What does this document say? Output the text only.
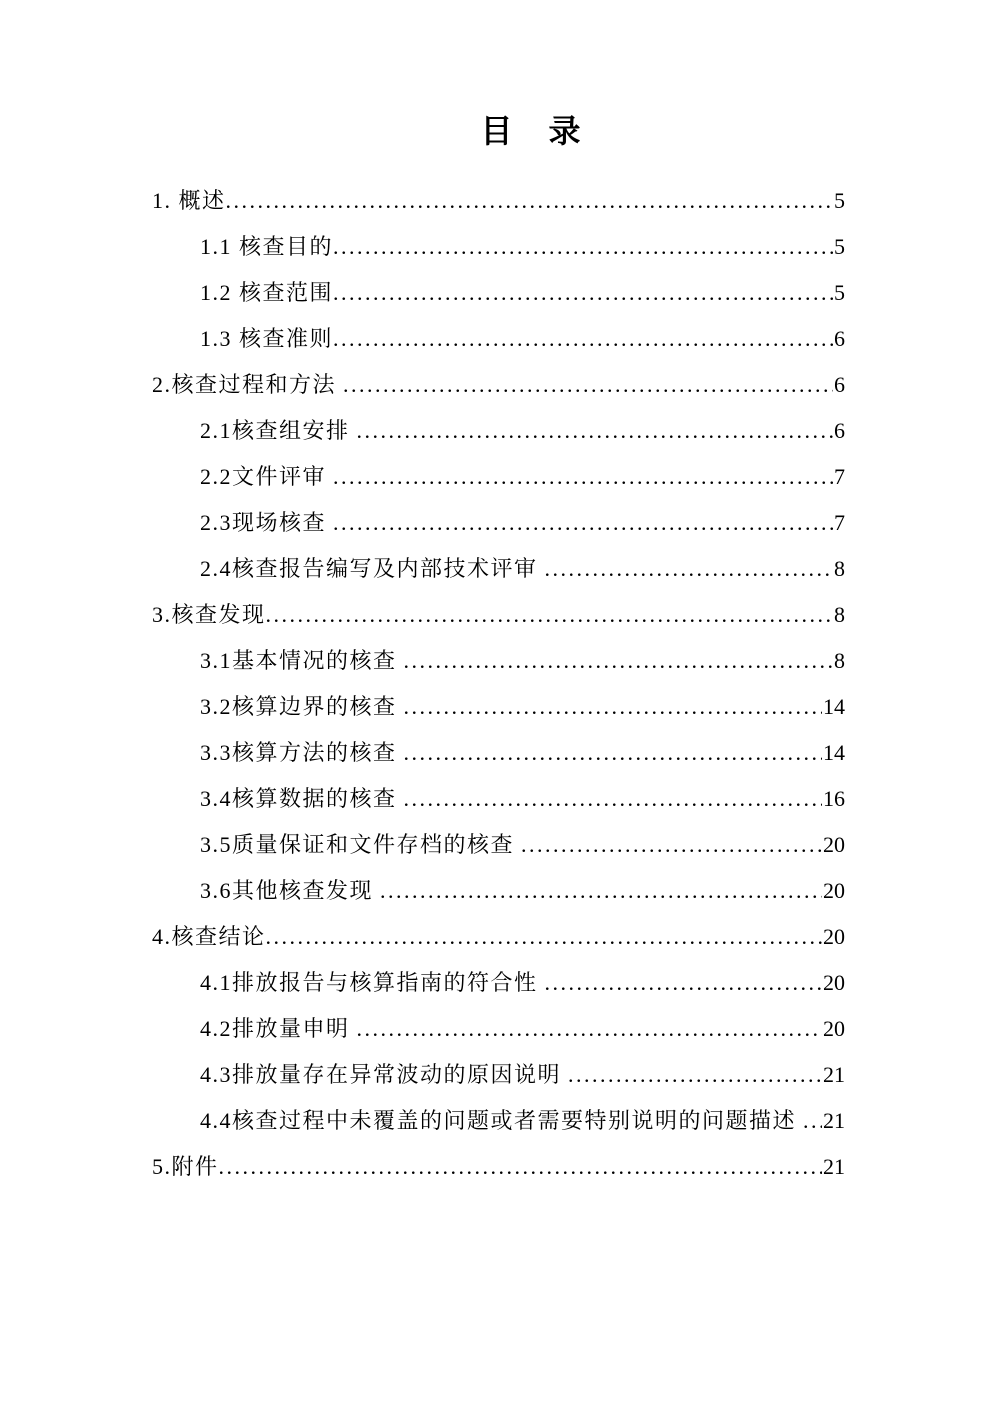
目　录
1. 概述 .....	5
1.1 核查目的 .....	5
1.2 核查范围 .....	5
1.3 核查准则 .....	6
2.核查过程和方法 .....	6
2.1核查组安排 .....	6
2.2文件评审 .....	7
2.3现场核查 .....	7
2.4核查报告编写及内部技术评审 .....	8
3.核查发现 .....	8
3.1基本情况的核查 .....	8
3.2核算边界的核查 .....	14
3.3核算方法的核查 .....	14
3.4核算数据的核查 .....	16
3.5质量保证和文件存档的核查 .....	20
3.6其他核查发现 .....	20
4.核查结论 .....	20
4.1排放报告与核算指南的符合性 .....	20
4.2排放量申明 .....	20
4.3排放量存在异常波动的原因说明 .....	21
4.4核查过程中未覆盖的问题或者需要特别说明的问题描述 ..... 21
5.附件 .....	21
